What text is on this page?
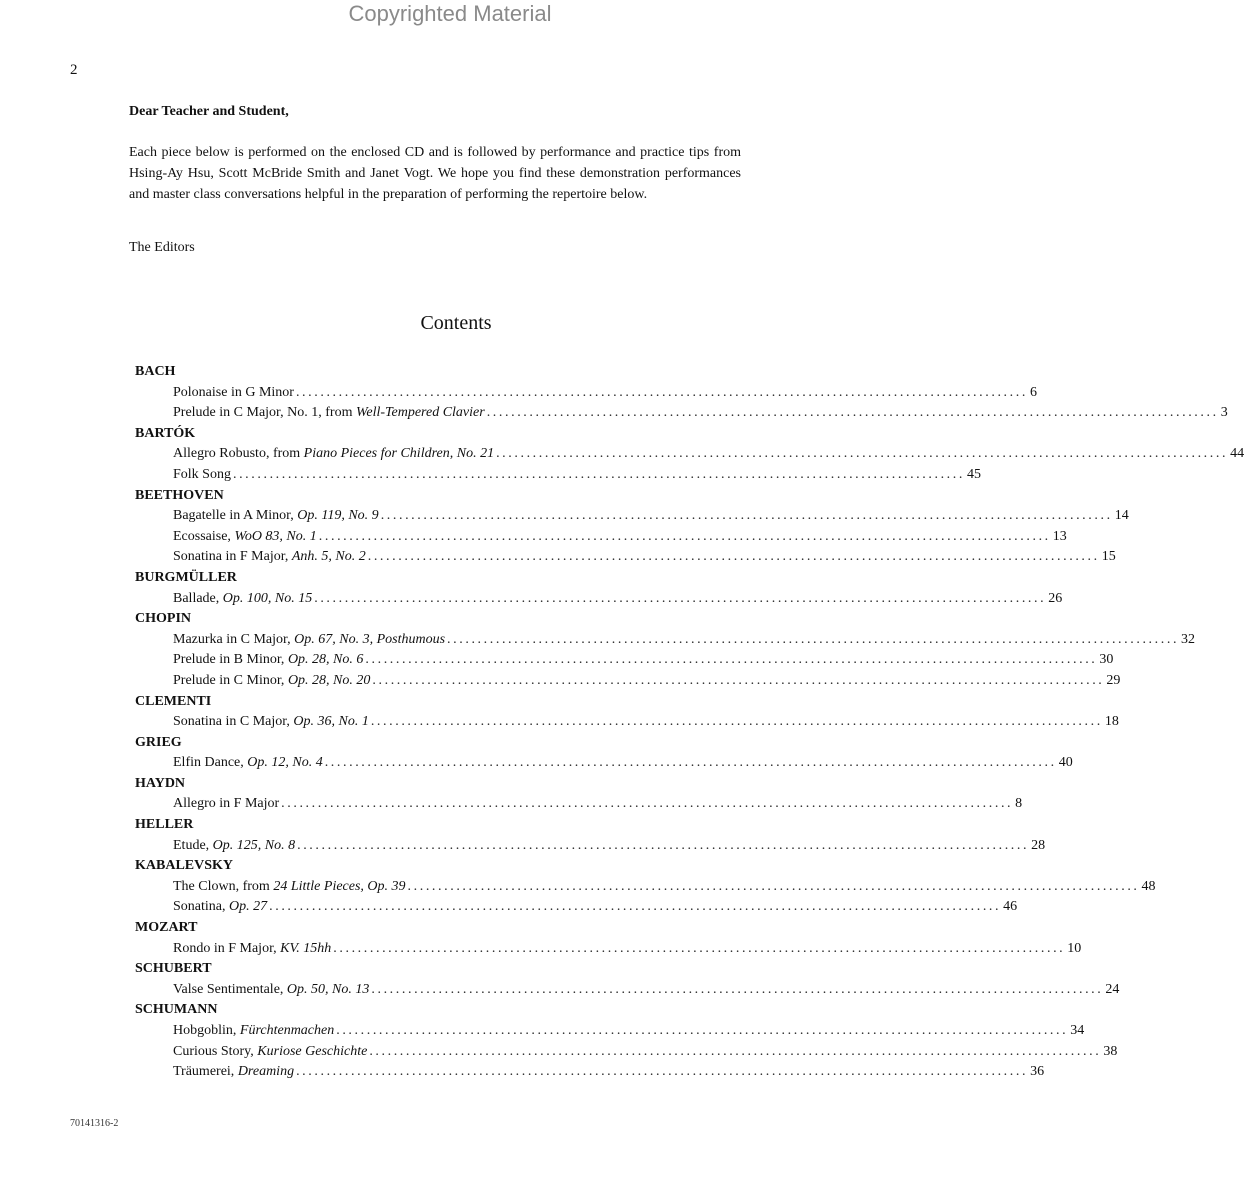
Copyrighted Material
2
Dear Teacher and Student,

Each piece below is performed on the enclosed CD and is followed by performance and practice tips from Hsing-Ay Hsu, Scott McBride Smith and Janet Vogt. We hope you find these demonstration performances and master class conversations helpful in the preparation of performing the repertoire below.

The Editors
Contents
BACH
Polonaise in G Minor ........................................................................................................................ 6
Prelude in C Major, No. 1, from Well-Tempered Clavier ........................................................................................................................ 3
BARTÓK
Allegro Robusto, from Piano Pieces for Children, No. 21 ........................................................................................................................ 44
Folk Song ........................................................................................................................ 45
BEETHOVEN
Bagatelle in A Minor, Op. 119, No. 9 ........................................................................................................................ 14
Ecossaise, WoO 83, No. 1 ........................................................................................................................ 13
Sonatina in F Major, Anh. 5, No. 2 ........................................................................................................................ 15
BURGMÜLLER
Ballade, Op. 100, No. 15 ........................................................................................................................ 26
CHOPIN
Mazurka in C Major, Op. 67, No. 3, Posthumous ........................................................................................................................ 32
Prelude in B Minor, Op. 28, No. 6 ........................................................................................................................ 30
Prelude in C Minor, Op. 28, No. 20 ........................................................................................................................ 29
CLEMENTI
Sonatina in C Major, Op. 36, No. 1 ........................................................................................................................ 18
GRIEG
Elfin Dance, Op. 12, No. 4 ........................................................................................................................ 40
HAYDN
Allegro in F Major ........................................................................................................................ 8
HELLER
Etude, Op. 125, No. 8 ........................................................................................................................ 28
KABALEVSKY
The Clown, from 24 Little Pieces, Op. 39 ........................................................................................................................ 48
Sonatina, Op. 27 ........................................................................................................................ 46
MOZART
Rondo in F Major, KV. 15hh ........................................................................................................................ 10
SCHUBERT
Valse Sentimentale, Op. 50, No. 13 ........................................................................................................................ 24
SCHUMANN
Hobgoblin, Fürchtenmachen ........................................................................................................................ 34
Curious Story, Kuriose Geschichte ........................................................................................................................ 38
Träumerei, Dreaming ........................................................................................................................ 36
70141316-2
